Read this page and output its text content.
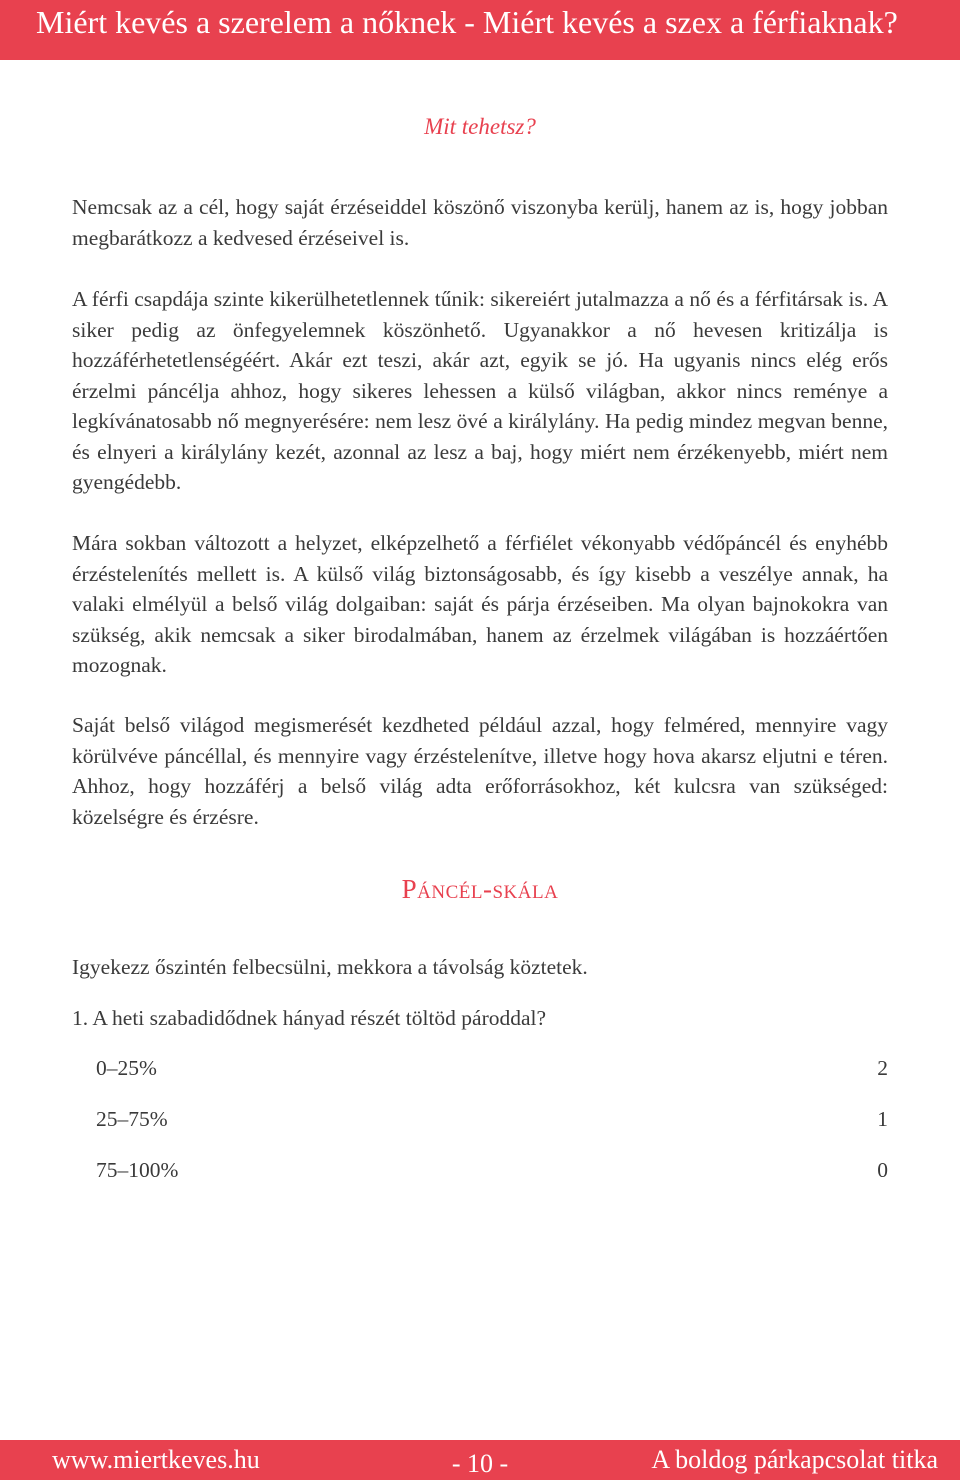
Miért kevés a szerelem a nőknek - Miért kevés a szex a férfiaknak?
Mit tehetsz?

Nemcsak az a cél, hogy saját érzéseiddel köszönő viszonyba kerülj, hanem az is, hogy jobban megbarátkozz a kedvesed érzéseivel is.

A férfi csapdája szinte kikerülhetetlennek tűnik: sikereiért jutalmazza a nő és a férfitársak is. A siker pedig az önfegyelemnek köszönhető. Ugyanakkor a nő hevesen kritizálja is hozzáférhetetlenségéért. Akár ezt teszi, akár azt, egyik se jó. Ha ugyanis nincs elég erős érzelmi páncélja ahhoz, hogy sikeres lehessen a külső világban, akkor nincs reménye a legkívánatosabb nő megnyerésére: nem lesz övé a királylány. Ha pedig mindez megvan benne, és elnyeri a királylány kezét, azonnal az lesz a baj, hogy miért nem érzékenyebb, miért nem gyengédebb.

Mára sokban változott a helyzet, elképzelhető a férfiélet vékonyabb védőpáncél és enyhébb érzéstelenítés mellett is. A külső világ biztonságosabb, és így kisebb a veszélye annak, ha valaki elmélyül a belső világ dolgaiban: saját és párja érzéseiben. Ma olyan bajnokokra van szükség, akik nemcsak a siker birodalmában, hanem az érzelmek világában is hozzáértően mozognak.

Saját belső világod megismerését kezdheted például azzal, hogy felméred, mennyire vagy körülvéve páncéllal, és mennyire vagy érzéstelenítve, illetve hogy hova akarsz eljutni e téren. Ahhoz, hogy hozzáférj a belső világ adta erőforrásokhoz, két kulcsra van szükséged: közelségre és érzésre.

Páncél-skála
Igyekezz őszintén felbecsülni, mekkora a távolság köztetek.
1. A heti szabadidődnek hányad részét töltöd pároddal?
0–25%	2
25–75%	1
75–100%	0
www.miertkeves.hu	- 10 -	A boldog párkapcsolat titka
